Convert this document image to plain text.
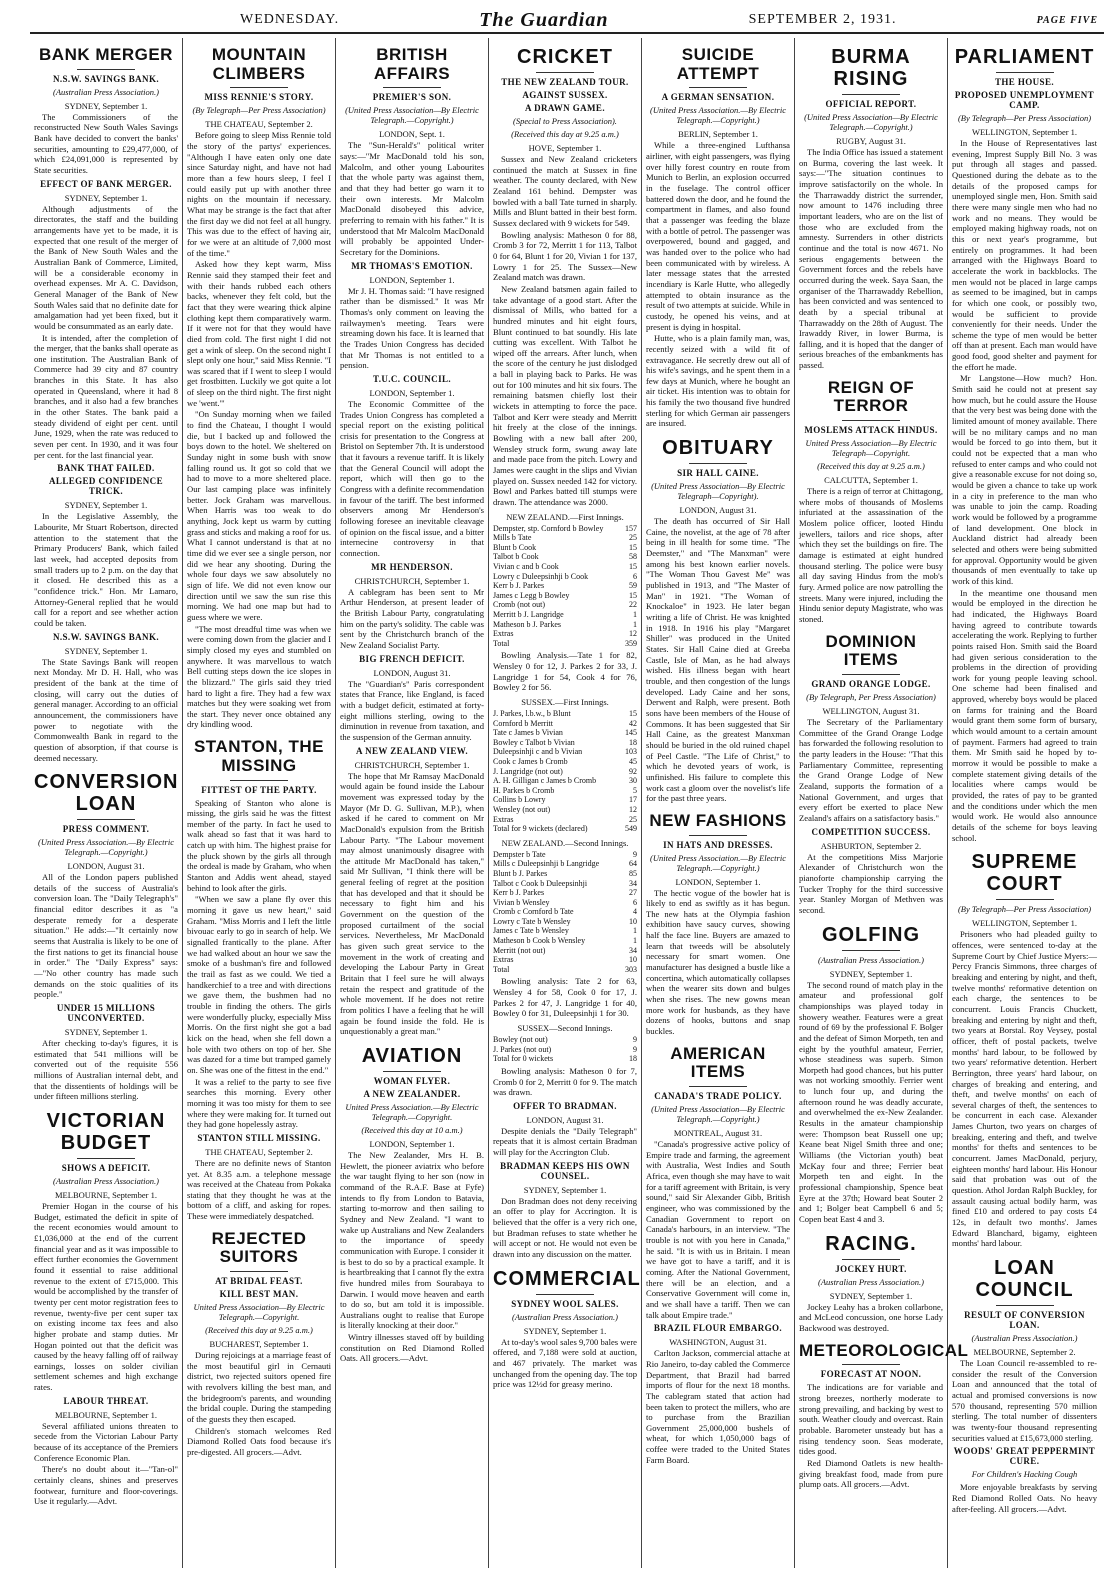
WEDNESDAY.	The Guardian	SEPTEMBER 2, 1931.	PAGE FIVE
BANK MERGER
N.S.W. SAVINGS BANK.
(Australian Press Association.)
SYDNEY, September 1.

The Commissioners of the reconstructed New South Wales Savings Bank have decided to convert the banks' securities, amounting to £29,477,000, of which £24,091,000 is represented by State securities.

EFFECT OF BANK MERGER.
SYDNEY, September 1.

Although adjustments of the directorates, the staff and the building arrangements have yet to be made, it is expected that one result of the merger of the Bank of New South Wales and the Australian Bank of Commerce, Limited, will be a considerable economy in overhead expenses. Mr A. C. Davidson, General Manager of the Bank of New South Wales said that no definite date for amalgamation had yet been fixed, but it would be consummated as an early date.

It is intended, after the completion of the merger, that the banks shall operate as one institution. The Australian Bank of Commerce had 39 city and 87 country branches in this State. It has also operated in Queensland, where it had 8 branches, and it also had a few branches in the other States. The bank paid a steady dividend of eight per cent. until June, 1929, when the rate was reduced to seven per cent. In 1930, and it was four per cent. for the last financial year.

BANK THAT FAILED.
ALLEGED CONFIDENCE TRICK.
SYDNEY, September 1.

In the Legislative Assembly, the Labourite, Mr Stuart Robertson, directed attention to the statement that the Primary Producers' Bank, which failed last week, had accepted deposits from small traders up to 2 p.m. on the day that it closed. He described this as a "confidence trick." Hon. Mr Lamaro, Attorney-General replied that he would call for a report and see whether action could be taken.

N.S.W. SAVINGS BANK.
SYDNEY, September 1.

The State Savings Bank will reopen next Monday. Mr D. H. Hall, who was president of the bank at the time of closing, will carry out the duties of general manager. According to an official announcement, the commissioners have power to negotiate with the Commonwealth Bank in regard to the question of absorption, if that course is deemed necessary.

CONVERSION LOAN
PRESS COMMENT.
(United Press Association.—By Electric Telegraph.—Copyright.)
LONDON, August 31.

All of the London papers published details of the success of Australia's conversion loan. The "Daily Telegraph's" financial editor describes it as "a desperate remedy for a desperate situation." He adds:—"It certainly now seems that Australia is likely to be one of the first nations to get its financial house in order." The "Daily Express" says:—"No other country has made such demands on the stoic qualities of its people."

UNDER 15 MILLIONS UNCONVERTED.
SYDNEY, September 1.

After checking to-day's figures, it is estimated that 541 millions will be converted out of the requisite 556 millions of Australian internal debt, and that the dissentients of holdings will be under fifteen millions sterling.

VICTORIAN BUDGET
SHOWS A DEFICIT.
(Australian Press Association.)
MELBOURNE, September 1.

Premier Hogan in the course of his Budget, estimated the deficit in spite of the recent economies would amount to £1,036,000 at the end of the current financial year and as it was impossible to effect further economies the Government found it essential to raise additional revenue to the extent of £715,000. This would be accomplished by the transfer of twenty per cent motor registration fees to revenue, twenty-five per cent super tax on existing income tax fees and also higher probate and stamp duties. Mr Hogan pointed out that the deficit was caused by the heavy falling off of railway earnings, losses on solder civilian settlement schemes and high exchange rates.

LABOUR THREAT.
MELBOURNE, September 1.

Several affiliated unions threaten to secede from the Victorian Labour Party because of its acceptance of the Premiers Conference Economic Plan.

There's no doubt about it—"Tan-ol" certainly cleans, shines and preserves footwear, furniture and floor-coverings. Use it regularly.—Advt.

MOUNTAIN CLIMBERS
MISS RENNIE'S STORY.
(By Telegraph—Per Press Association)
THE CHATEAU, September 2.

Before going to sleep Miss Rennie told the story of the partys' experiences. "Although I have eaten only one date since Saturday night, and have not had more than a few hours sleep, I feel I could easily put up with another three nights on the mountain if necessary. What may be strange is the fact that after the first day we did not feel at all hungry. This was due to the effect of having air, for we were at an altitude of 7,000 most of the time."

Asked how they kept warm, Miss Rennie said they stamped their feet and with their hands rubbed each others backs, whenever they felt cold, but the fact that they were wearing thick alpine clothing kept them comparatively warm. If it were not for that they would have died from cold. The first night I did not get a wink of sleep. On the second night I slept only one hour," said Miss Rennie. "I was scared that if I went to sleep I would get frostbitten. Luckily we got quite a lot of sleep on the third night. The first night we 'went.'"

"On Sunday morning when we failed to find the Chateau, I thought I would die, but I backed up and followed the boys down to the hotel. We sheltered on Sunday night in some bush with snow falling round us. It got so cold that we had to move to a more sheltered place. Our last camping place was infinitely better. Jock Graham was marvellous. When Harris was too weak to do anything, Jock kept us warm by cutting grass and sticks and making a roof for us. What I cannot understand is that at no time did we ever see a single person, nor did we hear any shooting. During the whole four days we saw absolutely no sign of life. We did not even know our direction until we saw the sun rise this morning. We had one map but had to guess where we were.

"The most dreadful time was when we were coming down from the glacier and I simply closed my eyes and stumbled on anywhere. It was marvellous to watch Bell cutting steps down the ice slopes in the blizzard." The girls said they tried hard to light a fire. They had a few wax matches but they were soaking wet from the start. They never once obtained any dry kindling wood.

STANTON, THE MISSING
FITTEST OF THE PARTY.

Speaking of Stanton who alone is missing, the girls said he was the fittest member of the party. In fact he used to walk ahead so fast that it was hard to catch up with him. The highest praise for the pluck shown by the girls all through the ordeal is made by Graham, who when Stanton and Addis went ahead, stayed behind to look after the girls.

"When we saw a plane fly over this morning it gave us new heart," said Graham. "Miss Morris and I left the little bivouac early to go in search of help. We signalled frantically to the plane. After we had walked about an hour we saw the smoke of a bushman's fire and followed the trail as fast as we could. We tied a handkerchief to a tree and with directions we gave them, the bushmen had no trouble in finding the others. The girls were wonderfully plucky, especially Miss Morris. On the first night she got a bad kick on the head, when she fell down a hole with two others on top of her. She was dazed for a time but tramped gamely on. She was one of the fittest in the end."

It was a relief to the party to see five searches this morning. Every other morning it was too misty for them to see where they were making for. It turned out they had gone hopelessly astray.

STANTON STILL MISSING.
THE CHATEAU, September 2.

There are no definite news of Stanton yet. At 8.35 a.m. a telephone message was received at the Chateau from Pokaka stating that they thought he was at the bottom of a cliff, and asking for ropes. These were immediately despatched.

REJECTED SUITORS
AT BRIDAL FEAST.
KILL BEST MAN.
United Press Association—By Electric Telegraph.—Copyright.
(Received this day at 9.25 a.m.)
BUCHAREST, September 1.

During rejoicings at a marriage feast of the most beautiful girl in Cernauti district, two rejected suitors opened fire with revolvers killing the best man, and the bridegroom's parents, and wounding the bridal couple. During the stampeding of the guests they then escaped.

Children's stomach welcomes Red Diamond Rolled Oats food because it's pre-digested. All grocers.—Advt.

BRITISH AFFAIRS
PREMIER'S SON.
(United Press Association—By Electric Telegraph.—Copyright.)
LONDON, Sept. 1.

The "Sun-Herald's" political writer says:—"Mr MacDonald told his son, Malcolm, and other young Labourites that the whole party was against them, and that they had better go warn it to their own interests. Mr Malcolm MacDonald disobeyed this advice, preferring to remain with his father." It is understood that Mr Malcolm MacDonald will probably be appointed Under-Secretary for the Dominions.

MR THOMAS'S EMOTION.
LONDON, September 1.

Mr J. H. Thomas said: "I have resigned rather than be dismissed." It was Mr Thomas's only comment on leaving the railwaymen's meeting. Tears were streaming down his face. It is learned that the Trades Union Congress has decided that Mr Thomas is not entitled to a pension.

T.U.C. COUNCIL.
LONDON, September 1.

The Economic Committee of the Trades Union Congress has completed a special report on the existing political crisis for presentation to the Congress at Bristol on September 7th. It is understood that it favours a revenue tariff. It is likely that the General Council will adopt the report, which will then go to the Congress with a definite recommendation in favour of the tariff. The best informed observers among Mr Henderson's following foresee an inevitable cleavage of opinion on the fiscal issue, and a bitter internecine controversy in that connection.

MR HENDERSON.
CHRISTCHURCH, September 1.

A cablegram has been sent to Mr Arthur Henderson, at present leader of the British Labour Party, congratulating him on the party's solidity. The cable was sent by the Christchurch branch of the New Zealand Socialist Party.

BIG FRENCH DEFICIT.
LONDON, August 31.

The "Guardian's" Paris correspondent states that France, like England, is faced with a budget deficit, estimated at forty-eight millions sterling, owing to the diminution in revenue from taxation, and the suspension of the German annuity.

A NEW ZEALAND VIEW.
CHRISTCHURCH, September 1.

The hope that Mr Ramsay MacDonald would again be found inside the Labour movement was expressed today by the Mayor (Mr D. G. Sullivan, M.P.), when asked if he cared to comment on Mr MacDonald's expulsion from the British Labour Party. "The Labour movement may almost unanimously disagree with the attitude Mr MacDonald has taken," said Mr Sullivan, "I think there will be general feeling of regret at the position that has developed and that it should be necessary to fight him and his Government on the question of the proposed curtailment of the social services. Nevertheless, Mr MacDonald has given such great service to the movement in the work of creating and developing the Labour Party in Great Britain that I feel sure he will always retain the respect and gratitude of the whole movement. If he does not retire from politics I have a feeling that he will again be found inside the fold. He is unquestionably a great man."

AVIATION
WOMAN FLYER.
A NEW ZEALANDER.
United Press Association.—By Electric Telegraph.—Copyright.
(Received this day at 10 a.m.)
LONDON, September 1.

The New Zealander, Mrs H. B. Hewlett, the pioneer aviatrix who before the war taught flying to her son (now in command of the R.A.F. Base at Fyfe) intends to fly from London to Batavia, starting to-morrow and then sailing to Sydney and New Zealand. "I want to wake up Australians and New Zealanders to the importance of speedy communication with Europe. I consider it is best to do so by a practical example. It is heartbreaking that I cannot fly the extra five hundred miles from Sourabaya to Darwin. I would move heaven and earth to do so, but am told it is impossible. Australians ought to realise that Europe is literally knocking at their door."

Wintry illnesses staved off by building constitution on Red Diamond Rolled Oats. All grocers.—Advt.

CRICKET
THE NEW ZEALAND TOUR.
AGAINST SUSSEX.
A DRAWN GAME.
(Special to Press Association).
(Received this day at 9.25 a.m.)
HOVE, September 1.

Sussex and New Zealand cricketers continued the match at Sussex in fine weather. The county declared, with New Zealand 161 behind. Dempster was bowled with a ball Tate turned in sharply. Mills and Blunt batted in their best form. Sussex declared with 9 wickets for 549.

Bowling analysis: Matheson 0 for 88, Cromb 3 for 72, Merritt 1 for 113, Talbot 0 for 64, Blunt 1 for 20, Vivian 1 for 137, Lowry 1 for 25. The Sussex—New Zealand match was drawn.

New Zealand batsmen again failed to take advantage of a good start. After the dismissal of Mills, who batted for a hundred minutes and hit eight fours, Blunt continued to bat soundly. His late cutting was excellent. With Talbot he wiped off the arrears. After lunch, when the score of the century he just dislodged a ball in playing back to Parks. He was out for 100 minutes and hit six fours. The remaining batsmen chiefly lost their wickets in attempting to force the pace. Talbot and Kerr were steady and Merritt hit freely at the close of the innings. Bowling with a new ball after 200, Wensley struck form, swung away late and made pace from the pitch. Lowry and James were caught in the slips and Vivian played on. Sussex needed 142 for victory. Bowl and Parkes batted till stumps were drawn. The attendance was 2000.

NEW ZEALAND.—First Innings.
Dempster, stp. Cornford b Bowley	157
Mills b Tate	25
Blunt b Cook	15
Talbot b Cook	58
Vivian c and b Cook	15
Lowry c Duleepsinhji b Cook	6
Kerr b J. Parkes	59
James c Legg b Bowley	15
Cromb (not out)	22
Merritt b J. Langridge	1
Matheson b J. Parkes	1
Extras	12
Total	359

Bowling Analysis.—Tate 1 for 82, Wensley 0 for 12, J. Parkes 2 for 33, J. Langridge 1 for 54, Cook 4 for 76, Bowley 2 for 56.

SUSSEX.—First Innings.
J. Parkes, l.b.w., b Blunt	15
Cornford b Merritt	42
Tate c James b Vivian	145
Bowley c Talbot b Vivian	18
Duleepsinhji c and b Vivian	103
Cook c James b Cromb	45
J. Langridge (not out)	92
A. H. Gilligan c James b Cromb	30
H. Parkes b Cromb	5
Collins b Lowry	17
Wensley (not out)	12
Extras	25
Total for 9 wickets (declared)	549
NEW ZEALAND.—Second Innings.
Dempster b Tate	9
Mills c Duleepsinhji b Langridge	64
Blunt b J. Parkes	85
Talbot c Cook b Duleepsinhji	34
Kerr b J. Parkes	27
Vivian b Wensley	6
Cromb c Cornford b Tate	4
Lowry c Tate b Wensley	10
James c Tate b Wensley	1
Matheson b Cook b Wensley	1
Merritt (not out)	34
Extras	10
Total	303

Bowling analysis: Tate 2 for 63, Wensley 4 for 58, Cook 0 for 17, J. Parkes 2 for 47, J. Langridge 1 for 40, Bowley 0 for 31, Duleepsinhji 1 for 30.

SUSSEX—Second Innings.
Bowley (not out)	9
J. Parkes (not out)	9
Total for 0 wickets	18

Bowling analysis: Matheson 0 for 7, Cromb 0 for 2, Merritt 0 for 9. The match was drawn.

OFFER TO BRADMAN.
LONDON, August 31.

Despite denials the "Daily Telegraph" repeats that it is almost certain Bradman will play for the Accrington Club.

BRADMAN KEEPS HIS OWN COUNSEL.
SYDNEY, September 1.

Don Bradman does not deny receiving an offer to play for Accrington. It is believed that the offer is a very rich one, but Bradman refuses to state whether he will accept or not. He would not even be drawn into any discussion on the matter.

COMMERCIAL
SYDNEY WOOL SALES.
(Australian Press Association.)
SYDNEY, September 1.

At to-day's wool sales 9,700 bales were offered, and 7,188 were sold at auction, and 467 privately. The market was unchanged from the opening day. The top price was 12½d for greasy merino.

SUICIDE ATTEMPT
A GERMAN SENSATION.
(United Press Association.—By Electric Telegraph.—Copyright.)
BERLIN, September 1.

While a three-engined Lufthansa airliner, with eight passengers, was flying over hilly forest country en route from Munich to Berlin, an explosion occurred in the fuselage. The control officer battered down the door, and he found the compartment in flames, and also found that a passenger was feeding the blaze with a bottle of petrol. The passenger was overpowered, bound and gagged, and was handed over to the police who had been communicated with by wireless. A later message states that the arrested incendiary is Karle Hutte, who allegedly attempted to obtain insurance as the result of two attempts at suicide. While in custody, he opened his veins, and at present is dying in hospital.

Hutte, who is a plain family man, was, recently seized with a wild fit of extravagance. He secretly drew out all of his wife's savings, and he spent them in a few days at Munich, where he bought an air ticket. His intention was to obtain for his family the two thousand five hundred sterling for which German air passengers are insured.

OBITUARY
SIR HALL CAINE.
(United Press Association—By Electric Telegraph—Copyright).
LONDON, August 31.

The death has occurred of Sir Hall Caine, the novelist, at the age of 78 after being in ill health for some time. "The Deemster," and "The Manxman" were among his best known earlier novels. "The Woman Thou Gavest Me" was published in 1913, and "The Master of Man" in 1921. "The Woman of Knockaloe" in 1923. He later began writing a life of Christ. He was knighted in 1918. In 1916 his play "Margaret Shiller" was produced in the United States. Sir Hall Caine died at Greeba Castle, Isle of Man, as he had always wished. His illness began with heart trouble, and then congestion of the lungs developed. Lady Caine and her sons, Derwent and Ralph, were present. Both sons have been members of the House of Commons. It has been suggested that Sir Hall Caine, as the greatest Manxman should be buried in the old ruined chapel of Peel Castle. "The Life of Christ," to which he devoted years of work, is unfinished. His failure to complete this work cast a gloom over the novelist's life for the past three years.

NEW FASHIONS
IN HATS AND DRESSES.
(United Press Association.—By Electric Telegraph.—Copyright.)
LONDON, September 1.

The hectic vogue of the bowler hat is likely to end as swiftly as it has begun. The new hats at the Olympia fashion exhibition have saucy curves, showing half the face line. Buyers are amazed to learn that tweeds will be absolutely necessary for smart women. One manufacturer has designed a bustle like a concertina, which automatically collapses when the wearer sits down and bulges when she rises. The new gowns mean more work for husbands, as they have dozens of hooks, buttons and snap buckles.

AMERICAN ITEMS
CANADA'S TRADE POLICY.
(United Press Association—By Electric Telegraph.—Copyright.)
MONTREAL, August 31.

"Canada's progressive active policy of Empire trade and farming, the agreement with Australia, West Indies and South Africa, even though she may have to wait for a tariff agreement with Britain, is very sound," said Sir Alexander Gibb, British engineer, who was commissioned by the Canadian Government to report on Canada's harbours, in an interview. "The trouble is not with you here in Canada," he said. "It is with us in Britain. I mean we have got to have a tariff, and it is coming. After the National Government, there will be an election, and a Conservative Government will come in, and we shall have a tariff. Then we can talk about Empire trade."

BRAZIL FLOUR EMBARGO.
WASHINGTON, August 31.

Carlton Jackson, commercial attache at Rio Janeiro, to-day cabled the Commerce Department, that Brazil had barred imports of flour for the next 18 months. The cablegram stated that action had been taken to protect the millers, who are to purchase from the Brazilian Government 25,000,000 bushels of wheat, for which 1,050,000 bags of coffee were traded to the United States Farm Board.

BURMA RISING
OFFICIAL REPORT.
(United Press Association—By Electric Telegraph.—Copyright.)
RUGBY, August 31.

The India Office has issued a statement on Burma, covering the last week. It says:—"The situation continues to improve satisfactorily on the whole. In the Tharrawaddy district the surrender, now amount to 1476 including three important leaders, who are on the list of those who are excluded from the amnesty. Surrenders in other districts continue and the total is now 4671. No serious engagements between the Government forces and the rebels have occurred during the week. Saya Saan, the organiser of the Tharrawaddy Rebellion, has been convicted and was sentenced to death by a special tribunal at Tharrawaddy on the 28th of August. The Irawaddy River, in lower Burma, is falling, and it is hoped that the danger of serious breaches of the embankments has passed.

REIGN OF TERROR
MOSLEMS ATTACK HINDUS.
United Press Association—By Electric Telegraph—Copyright.
(Received this day at 9.25 a.m.)
CALCUTTA, September 1.

There is a reign of terror at Chittagong, where mobs of thousands of Moslems infuriated at the assassination of the Moslem police officer, looted Hindu jewellers, tailors and rice shops, after which they set the buildings on fire. The damage is estimated at eight hundred thousand sterling. The police were busy all day saving Hindus from the mob's fury. Armed police are now patrolling the streets. Many were injured, including the Hindu senior deputy Magistrate, who was stoned.

DOMINION ITEMS
GRAND ORANGE LODGE.
(By Telegraph, Per Press Association)
WELLINGTON, August 31.

The Secretary of the Parliamentary Committee of the Grand Orange Lodge has forwarded the following resolution to the party leaders in the House: "That this Parliamentary Committee, representing the Grand Orange Lodge of New Zealand, supports the formation of a National Government, and urges that every effort be exerted to place New Zealand's affairs on a satisfactory basis."

COMPETITION SUCCESS.
ASHBURTON, September 2.

At the competitions Miss Marjorie Alexander of Christchurch won the pianoforte championship carrying the Tucker Trophy for the third successive year. Stanley Morgan of Methven was second.

GOLFING
(Australian Press Association.)
SYDNEY, September 1.

The second round of match play in the amateur and professional golf championships was played today in showery weather. Features were a great round of 69 by the professional F. Bolger and the defeat of Simon Morpeth, ten and eight by the youthful amateur, Ferrier, whose steadiness was superb. Simon Morpeth had good chances, but his putter was not working smoothly. Ferrier went to lunch four up, and during the afternoon round he was deadly accurate, and overwhelmed the ex-New Zealander. Results in the amateur championship were: Thompson beat Russell one up; Keane beat Nigel Smith three and one; Williams (the Victorian youth) beat McKay four and three; Ferrier beat Morpeth ten and eight. In the professional championship, Spence beat Eyre at the 37th; Howard beat Souter 2 and 1; Bolger beat Campbell 6 and 5; Copen beat East 4 and 3.

RACING.
JOCKEY HURT.
(Australian Press Association.)
SYDNEY, September 1.

Jockey Leahy has a broken collarbone, and McLeod concussion, one horse Lady Backwood was destroyed.

METEOROLOGICAL
FORECAST AT NOON.

The indications are for variable and strong breezes, northerly moderate to strong prevailing, and backing by west to south. Weather cloudy and overcast. Rain probable. Barometer unsteady but has a rising tendency soon. Seas moderate, tides good.

Red Diamond Oatlets is new health-giving breakfast food, made from pure plump oats. All grocers.—Advt.

PARLIAMENT
THE HOUSE.
PROPOSED UNEMPLOYMENT CAMP.
(By Telegraph—Per Press Association)
WELLINGTON, September 1.

In the House of Representatives last evening, Imprest Supply Bill No. 3 was put through all stages and passed. Questioned during the debate as to the details of the proposed camps for unemployed single men, Hon. Smith said there were many single men who had no work and no means. They would be employed making highway roads, not on this or next year's programme, but entirely on programmes. It had been arranged with the Highways Board to accelerate the work in backblocks. The men would not be placed in large camps as seemed to be imagined, but in camps for which one cook, or possibly two, would be sufficient to provide conveniently for their needs. Under the scheme the type of men would be better off than at present. Each man would have good food, good shelter and payment for the effort he made.

Mr Langstone—How much? Hon. Smith said he could not at present say how much, but he could assure the House that the very best was being done with the limited amount of money available. There will be no military camps and no man would be forced to go into them, but it could not be expected that a man who refused to enter camps and who could not give a reasonable excuse for not doing so, would be given a chance to take up work in a city in preference to the man who was unable to join the camp. Roading work would be followed by a programme of land development. One block in Auckland district had already been selected and others were being submitted for approval. Opportunity would be given thousands of men eventually to take up work of this kind.

In the meantime one thousand men would be employed in the direction he had indicated, the Highways Board having agreed to contribute towards accelerating the work. Replying to further points raised Hon. Smith said the Board had given serious consideration to the problems in the direction of providing work for young people leaving school. One scheme had been finalised and approved, whereby boys would be placed on farms for training and the Board would grant them some form of bursary, which would amount to a certain amount of payment. Farmers had agreed to train them. Mr Smith said he hoped by to-morrow it would be possible to make a complete statement giving details of the localities where camps would be provided, the rates of pay to be granted and the conditions under which the men would work. He would also announce details of the scheme for boys leaving school.

SUPREME COURT
(By Telegraph—Per Press Association)
WELLINGTON, September 1.

Prisoners who had pleaded guilty to offences, were sentenced to-day at the Supreme Court by Chief Justice Myers:— Percy Francis Simmons, three charges of breaking and entering by night, and theft, twelve months' reformative detention on each charge, the sentences to be concurrent. Louis Francis Chuckett, breaking and entering by night and theft, two years at Borstal. Roy Veysey, postal officer, theft of postal packets, twelve months' hard labour, to be followed by two years' reformative detention. Herbert Berrington, three years' hard labour, on charges of breaking and entering, and theft, and twelve months' on each of several charges of theft, the sentences to be concurrent in each case. Alexander James Churton, two years on charges of breaking, entering and theft, and twelve months' for thefts and sentences to be concurrent. James MacDonald, perjury, eighteen months' hard labour. His Honour said that probation was out of the question. Athol Jordan Ralph Buckley, for assault causing actual bodily harm, was fined £10 and ordered to pay costs £4 12s, in default two months'. James Edward Blanchard, bigamy, eighteen months' hard labour.

LOAN COUNCIL
RESULT OF CONVERSION LOAN.
(Australian Press Association.)
MELBOURNE, September 2.

The Loan Council re-assembled to re-consider the result of the Conversion Loan and announced that the total of actual and promised conversions is now 570 thousand, representing 570 million sterling. The total number of dissenters was twenty-four thousand representing securities valued at £15,673,000 sterling.

WOODS' GREAT PEPPERMINT CURE.
For Children's Hacking Cough

More enjoyable breakfasts by serving Red Diamond Rolled Oats. No heavy after-feeling. All grocers.—Advt.
